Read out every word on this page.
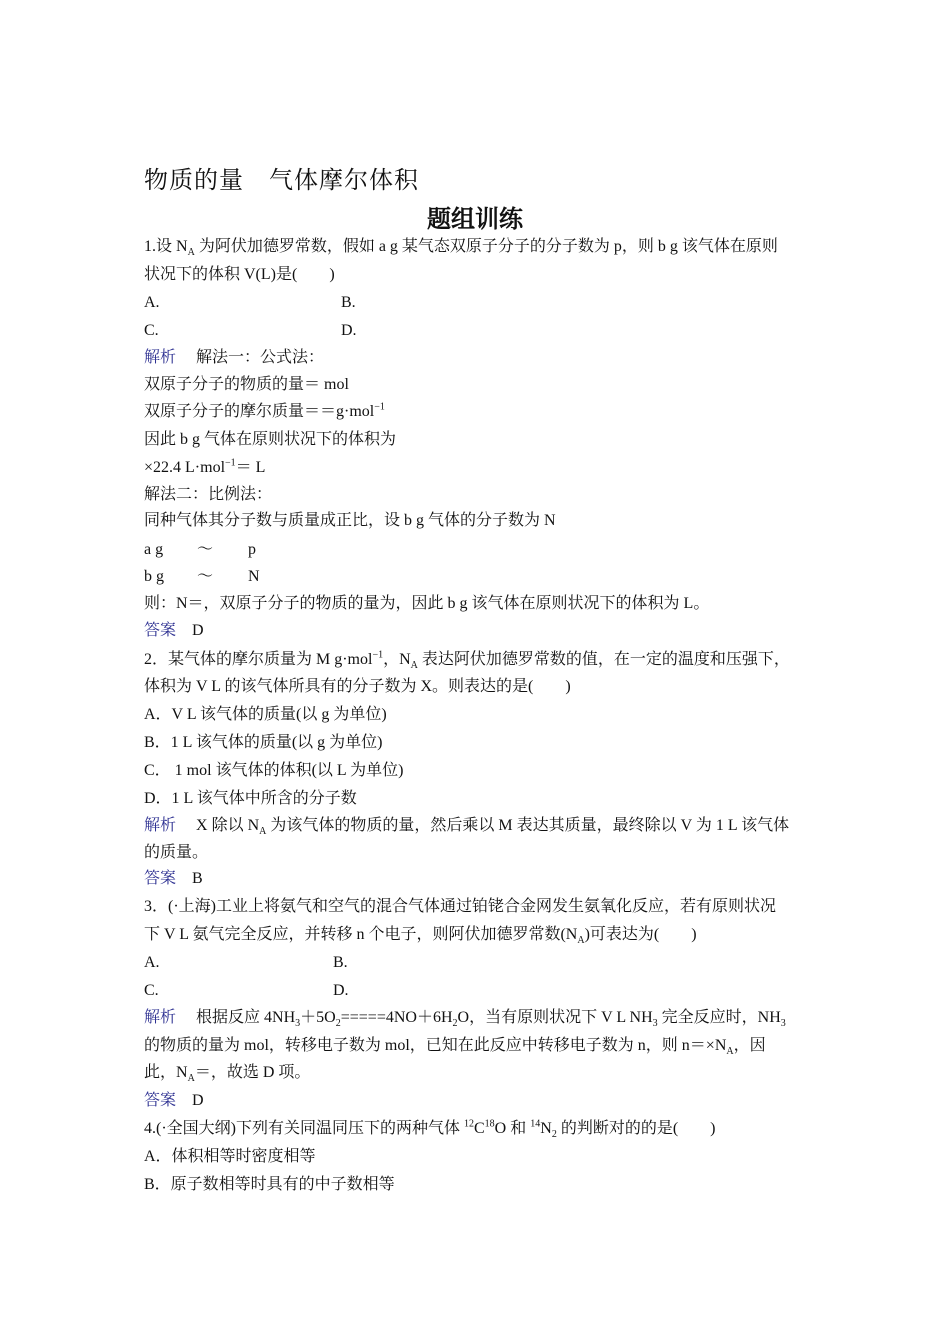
物质的量　气体摩尔体积
题组训练
1.设 $N_A$ 为阿伏加德罗常数，假如 a g 某气态双原子分子的分子数为 p，则 b g 该气体在原则
状况下的体积 V(L)是(　　)
A.	B.
C.	D.
解析　 解法一：公式法：
双原子分子的物质的量＝ mol
双原子分子的摩尔质量＝＝g·mol$^{-1}$
因此 b g 气体在原则状况下的体积为
×22.4 L·mol$^{-1}$＝ L
解法二：比例法：
同种气体其分子数与质量成正比，设 b g 气体的分子数为 N
a g ～ p
b g ～ N
则：N＝，双原子分子的物质的量为，因此 b g 该气体在原则状况下的体积为 L。
答案　 D
2．某气体的摩尔质量为 M g·mol$^{-1}$，$N_A$ 表达阿伏加德罗常数的值，在一定的温度和压强下，
体积为 V L 的该气体所具有的分子数为 X。则表达的是(　　)
A．V L 该气体的质量(以 g 为单位)
B．1 L 该气体的质量(以 g 为单位)
C． 1 mol 该气体的体积(以 L 为单位)
D．1 L 该气体中所含的分子数
解析　 X 除以 $N_A$ 为该气体的物质的量，然后乘以 M 表达其质量，最终除以 V 为 1 L 该气体
的质量。
答案　 B
3．(·上海)工业上将氨气和空气的混合气体通过铂铑合金网发生氨氧化反应，若有原则状况
下 V L 氨气完全反应，并转移 n 个电子，则阿伏加德罗常数$(N_A)$可表达为(　　)
A.	B.
C.	D.
解析　 根据反应 $4NH_3+5O_2=====4NO+6H_2O$，当有原则状况下 V L $NH_3$ 完全反应时，$NH_3$
的物质的量为 mol，转移电子数为 mol，已知在此反应中转移电子数为 n，则 $n=\times N_A$，因
此，$N_A=$，故选 D 项。
答案　 D
4.(·全国大纲)下列有关同温同压下的两种气体 $^{12}C^{18}O$ 和 $^{14}N_2$ 的判断对的的是(　　)
A．体积相等时密度相等
B．原子数相等时具有的中子数相等
